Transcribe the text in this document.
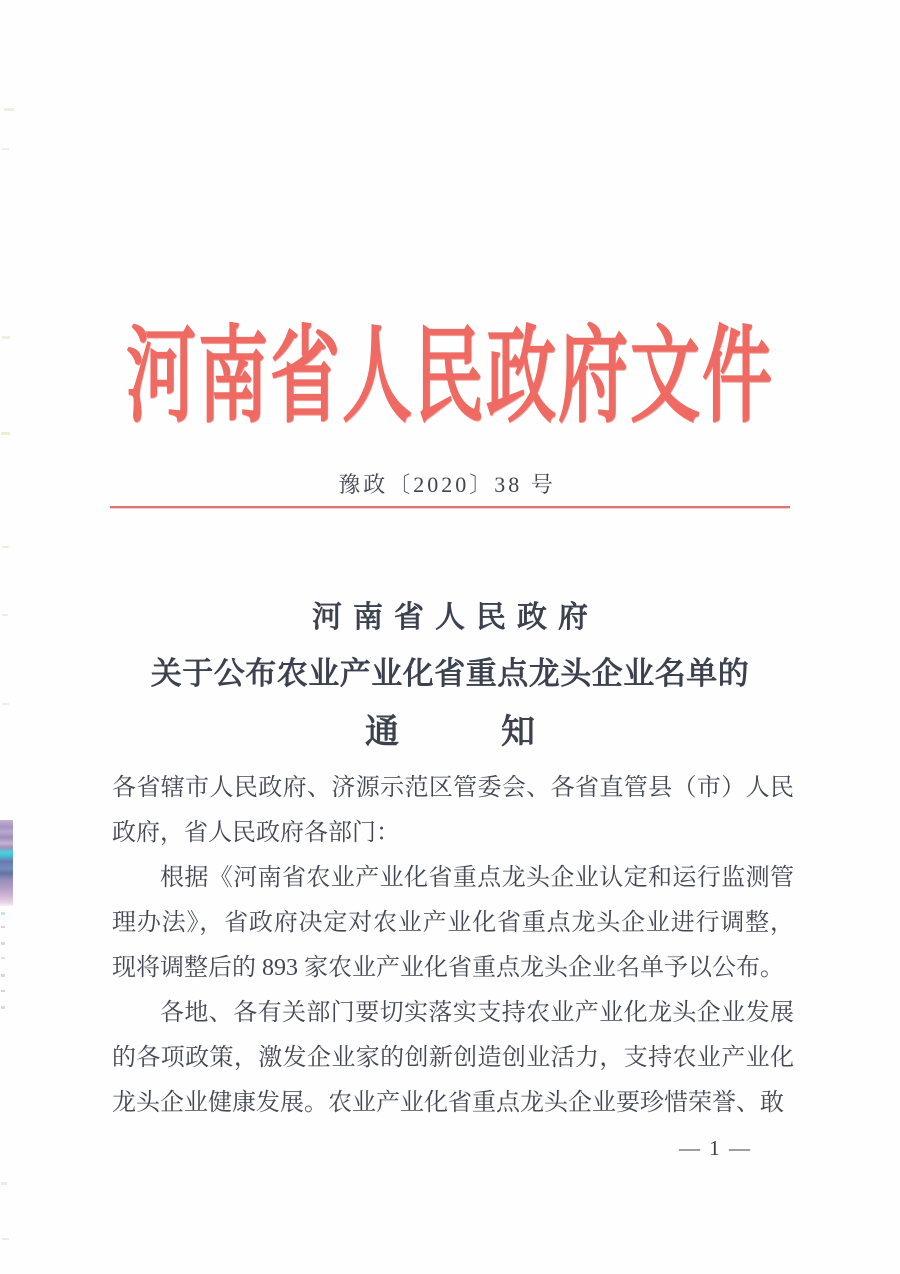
河南省人民政府文件
豫政〔2020〕38 号
河南省人民政府
关于公布农业产业化省重点龙头企业名单的
通　　　知

各省辖市人民政府、济源示范区管委会、各省直管县（市）人民政府，省人民政府各部门：

根据《河南省农业产业化省重点龙头企业认定和运行监测管理办法》，省政府决定对农业产业化省重点龙头企业进行调整，现将调整后的 893 家农业产业化省重点龙头企业名单予以公布。

各地、各有关部门要切实落实支持农业产业化龙头企业发展的各项政策，激发企业家的创新创造创业活力，支持农业产业化龙头企业健康发展。农业产业化省重点龙头企业要珍惜荣誉、敢

— 1 —
